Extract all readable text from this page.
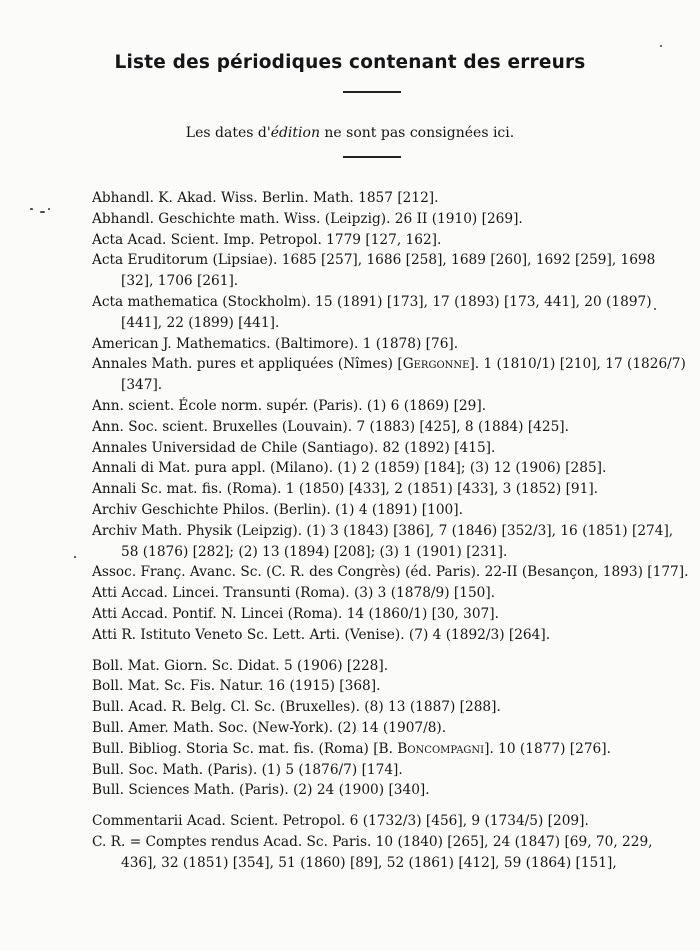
Liste des périodiques contenant des erreurs
Les dates d'édition ne sont pas consignées ici.
Abhandl. K. Akad. Wiss. Berlin. Math. 1857 [212].
Abhandl. Geschichte math. Wiss. (Leipzig). 26 II (1910) [269].
Acta Acad. Scient. Imp. Petropol. 1779 [127, 162].
Acta Eruditorum (Lipsiae). 1685 [257], 1686 [258], 1689 [260], 1692 [259], 1698 [32], 1706 [261].
Acta mathematica (Stockholm). 15 (1891) [173], 17 (1893) [173, 441], 20 (1897) [441], 22 (1899) [441].
American J. Mathematics. (Baltimore). 1 (1878) [76].
Annales Math. pures et appliquées (Nîmes) [Gergonne]. 1 (1810/1) [210], 17 (1826/7) [347].
Ann. scient. École norm. supér. (Paris). (1) 6 (1869) [29].
Ann. Soc. scient. Bruxelles (Louvain). 7 (1883) [425], 8 (1884) [425].
Annales Universidad de Chile (Santiago). 82 (1892) [415].
Annali di Mat. pura appl. (Milano). (1) 2 (1859) [184]; (3) 12 (1906) [285].
Annali Sc. mat. fis. (Roma). 1 (1850) [433], 2 (1851) [433], 3 (1852) [91].
Archiv Geschichte Philos. (Berlin). (1) 4 (1891) [100].
Archiv Math. Physik (Leipzig). (1) 3 (1843) [386], 7 (1846) [352/3], 16 (1851) [274], 58 (1876) [282]; (2) 13 (1894) [208]; (3) 1 (1901) [231].
Assoc. Franç. Avanc. Sc. (C. R. des Congrès) (éd. Paris). 22-II (Besançon, 1893) [177].
Atti Accad. Lincei. Transunti (Roma). (3) 3 (1878/9) [150].
Atti Accad. Pontif. N. Lincei (Roma). 14 (1860/1) [30, 307].
Atti R. Istituto Veneto Sc. Lett. Arti. (Venise). (7) 4 (1892/3) [264].
Boll. Mat. Giorn. Sc. Didat. 5 (1906) [228].
Boll. Mat. Sc. Fis. Natur. 16 (1915) [368].
Bull. Acad. R. Belg. Cl. Sc. (Bruxelles). (8) 13 (1887) [288].
Bull. Amer. Math. Soc. (New-York). (2) 14 (1907/8).
Bull. Bibliog. Storia Sc. mat. fis. (Roma) [B. Boncompagni]. 10 (1877) [276].
Bull. Soc. Math. (Paris). (1) 5 (1876/7) [174].
Bull. Sciences Math. (Paris). (2) 24 (1900) [340].
Commentarii Acad. Scient. Petropol. 6 (1732/3) [456], 9 (1734/5) [209].
C. R. = Comptes rendus Acad. Sc. Paris. 10 (1840) [265], 24 (1847) [69, 70, 229, 436], 32 (1851) [354], 51 (1860) [89], 52 (1861) [412], 59 (1864) [151],
